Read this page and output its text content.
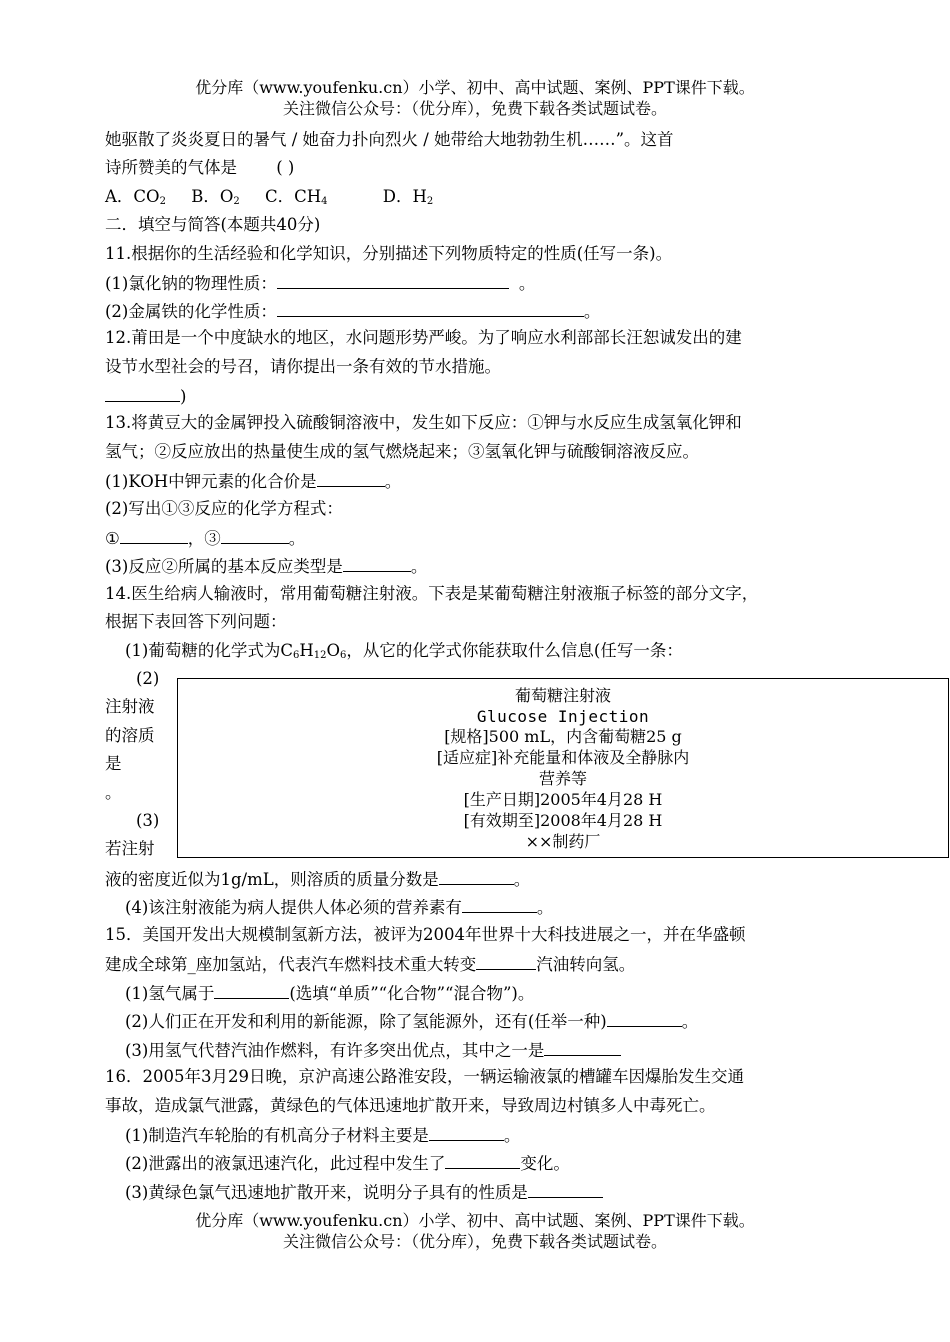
优分库（www.youfenku.cn）小学、初中、高中试题、案例、PPT课件下载。
关注微信公众号：（优分库），免费下载各类试题试卷。
她驱散了炎炎夏日的暑气 / 她奋力扑向烈火 / 她带给大地勃勃生机……”。这首
诗所赞美的气体是 ( )
A．$CO_2$ B．$O_2$ C．$CH_4$	D．$H_2$
二．填空与简答(本题共40分)
11.根据你的生活经验和化学知识，分别描述下列物质特定的性质(任写一条)。
(1)氯化钠的物理性质：	。
(2)金属铁的化学性质：	。
12.莆田是一个中度缺水的地区，水问题形势严峻。为了响应水利部部长汪恕诚发出的建
设节水型社会的号召，请你提出一条有效的节水措施。
)
13.将黄豆大的金属钾投入硫酸铜溶液中，发生如下反应：①钾与水反应生成氢氧化钾和
氢气；②反应放出的热量使生成的氢气燃烧起来；③氢氧化钾与硫酸铜溶液反应。
(1)KOH中钾元素的化合价是	。
(2)写出①③反应的化学方程式：
①	，③	。
(3)反应②所属的基本反应类型是	。
14.医生给病人输液时，常用葡萄糖注射液。下表是某葡萄糖注射液瓶子标签的部分文字，
根据下表回答下列问题：
(1)葡萄糖的化学式为$C_6H_{12}O_6$，从它的化学式你能获取什么信息(任写一条：
(2)
注射液
的溶质
是
。
(3)
若注射
葡萄糖注射液
Glucose Injection
[规格]500 mL，内含葡萄糖25 g
[适应症]补充能量和体液及全静脉内
营养等
[生产日期]2005年4月28 H
[有效期至]2008年4月28 H
××制药厂
液的密度近似为1g/mL，则溶质的质量分数是	。
(4)该注射液能为病人提供人体必须的营养素有	。
15．美国开发出大规模制氢新方法，被评为2004年世界十大科技进展之一，并在华盛顿
建成全球第_座加氢站，代表汽车燃料技术重大转变	汽油转向氢。
(1)氢气属于	(选填“单质”“化合物”“混合物”)。
(2)人们正在开发和利用的新能源，除了氢能源外，还有(任举一种)	。
(3)用氢气代替汽油作燃料，有许多突出优点，其中之一是
16．2005年3月29日晚，京沪高速公路淮安段，一辆运输液氯的槽罐车因爆胎发生交通
事故，造成氯气泄露，黄绿色的气体迅速地扩散开来，导致周边村镇多人中毒死亡。
(1)制造汽车轮胎的有机高分子材料主要是	。
(2)泄露出的液氯迅速汽化，此过程中发生了	变化。
(3)黄绿色氯气迅速地扩散开来，说明分子具有的性质是
优分库（www.youfenku.cn）小学、初中、高中试题、案例、PPT课件下载。
关注微信公众号：（优分库），免费下载各类试题试卷。
